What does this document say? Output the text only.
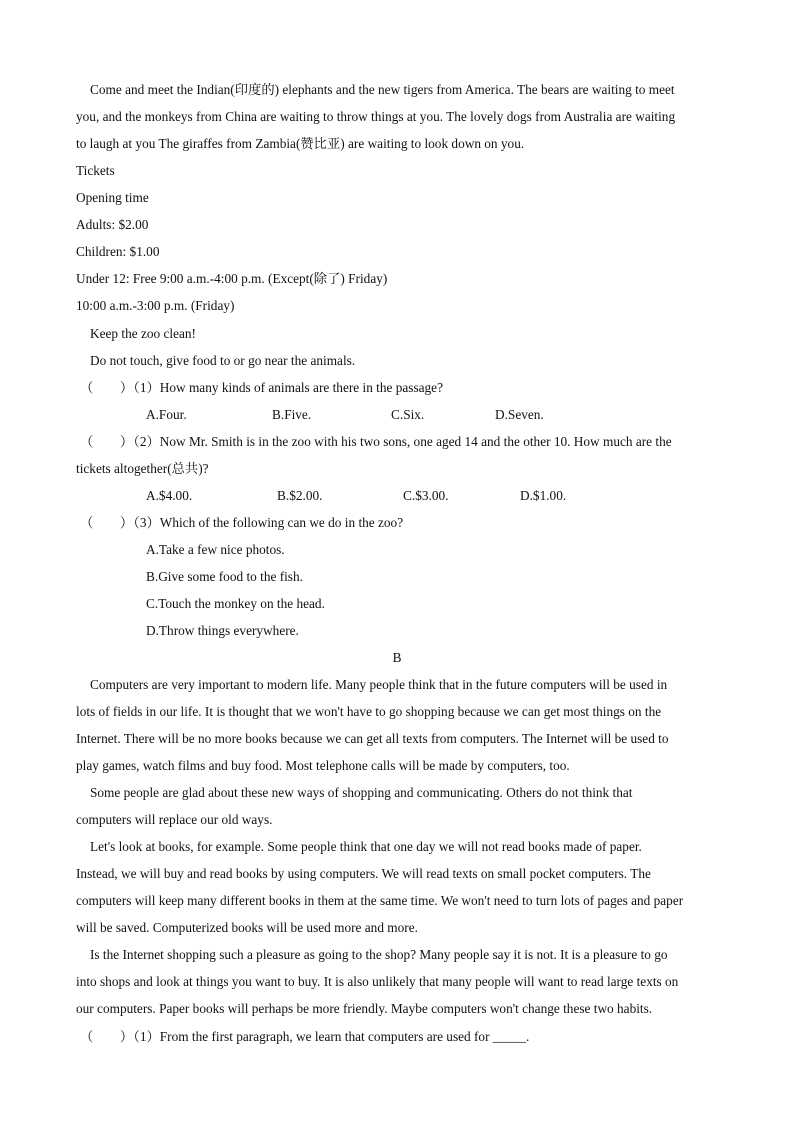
Come and meet the Indian(印度的) elephants and the new tigers from America. The bears are waiting to meet
you, and the monkeys from China are waiting to throw things at you. The lovely dogs from Australia are waiting
to laugh at you The giraffes from Zambia(赞比亚) are waiting to look down on you.
Tickets
Opening time
Adults: $2.00
Children: $1.00
Under 12: Free 9:00 a.m.-4:00 p.m. (Except(除了) Friday)
10:00 a.m.-3:00 p.m. (Friday)
Keep the zoo clean!
Do not touch, give food to or go near the animals.
（　　）（1）How many kinds of animals are there in the passage?
A.Four.	B.Five.	C.Six.	D.Seven.
（　　）（2）Now Mr. Smith is in the zoo with his two sons, one aged 14 and the other 10. How much are the
tickets altogether(总共)?
A.$4.00.	B.$2.00.	C.$3.00.	D.$1.00.
（　　）（3）Which of the following can we do in the zoo?
A.Take a few nice photos.
B.Give some food to the fish.
C.Touch the monkey on the head.
D.Throw things everywhere.
B
Computers are very important to modern life. Many people think that in the future computers will be used in
lots of fields in our life. It is thought that we won't have to go shopping because we can get most things on the
Internet. There will be no more books because we can get all texts from computers. The Internet will be used to
play games, watch films and buy food. Most telephone calls will be made by computers, too.
Some people are glad about these new ways of shopping and communicating. Others do not think that
computers will replace our old ways.
Let's look at books, for example. Some people think that one day we will not read books made of paper.
Instead, we will buy and read books by using computers. We will read texts on small pocket computers. The
computers will keep many different books in them at the same time. We won't need to turn lots of pages and paper
will be saved. Computerized books will be used more and more.
Is the Internet shopping such a pleasure as going to the shop? Many people say it is not. It is a pleasure to go
into shops and look at things you want to buy. It is also unlikely that many people will want to read large texts on
our computers. Paper books will perhaps be more friendly. Maybe computers won't change these two habits.
（　　）（1）From the first paragraph, we learn that computers are used for _____.
